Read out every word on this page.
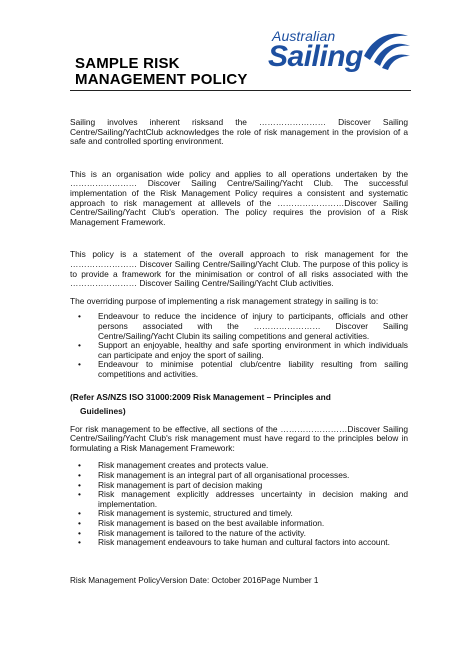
SAMPLE RISK
MANAGEMENT POLICY
Australian
Sailing

Sailing involves inherent risksand the …………………… Discover Sailing Centre/Sailing/YachtClub acknowledges the role of risk management in the provision of a safe and controlled sporting environment.

This is an organisation wide policy and applies to all operations undertaken by the …………………… Discover Sailing Centre/Sailing/Yacht Club. The successful implementation of the Risk Management Policy requires a consistent and systematic approach to risk management at alllevels of the ……………………Discover Sailing Centre/Sailing/Yacht Club's operation. The policy requires the provision of a Risk Management Framework.

This policy is a statement of the overall approach to risk management for the …………………… Discover Sailing Centre/Sailing/Yacht Club. The purpose of this policy is to provide a framework for the minimisation or control of all risks associated with the …………………… Discover Sailing Centre/Sailing/Yacht Club activities.

The overriding purpose of implementing a risk management strategy in sailing is to:

• Endeavour to reduce the incidence of injury to participants, officials and other persons associated with the …………………… Discover Sailing Centre/Sailing/Yacht Clubin its sailing competitions and general activities.
• Support an enjoyable, healthy and safe sporting environment in which individuals can participate and enjoy the sport of sailing.
• Endeavour to minimise potential club/centre liability resulting from sailing competitions and activities.
(Refer AS/NZS ISO 31000:2009 Risk Management – Principles and
Guidelines)

For risk management to be effective, all sections of the ……………………Discover Sailing Centre/Sailing/Yacht Club's risk management must have regard to the principles below in formulating a Risk Management Framework:

• Risk management creates and protects value.
• Risk management is an integral part of all organisational processes.
• Risk management is part of decision making
• Risk management explicitly addresses uncertainty in decision making and implementation.
• Risk management is systemic, structured and timely.
• Risk management is based on the best available information.
• Risk management is tailored to the nature of the activity.
• Risk management endeavours to take human and cultural factors into account.
Risk Management PolicyVersion Date: October 2016Page Number 1
